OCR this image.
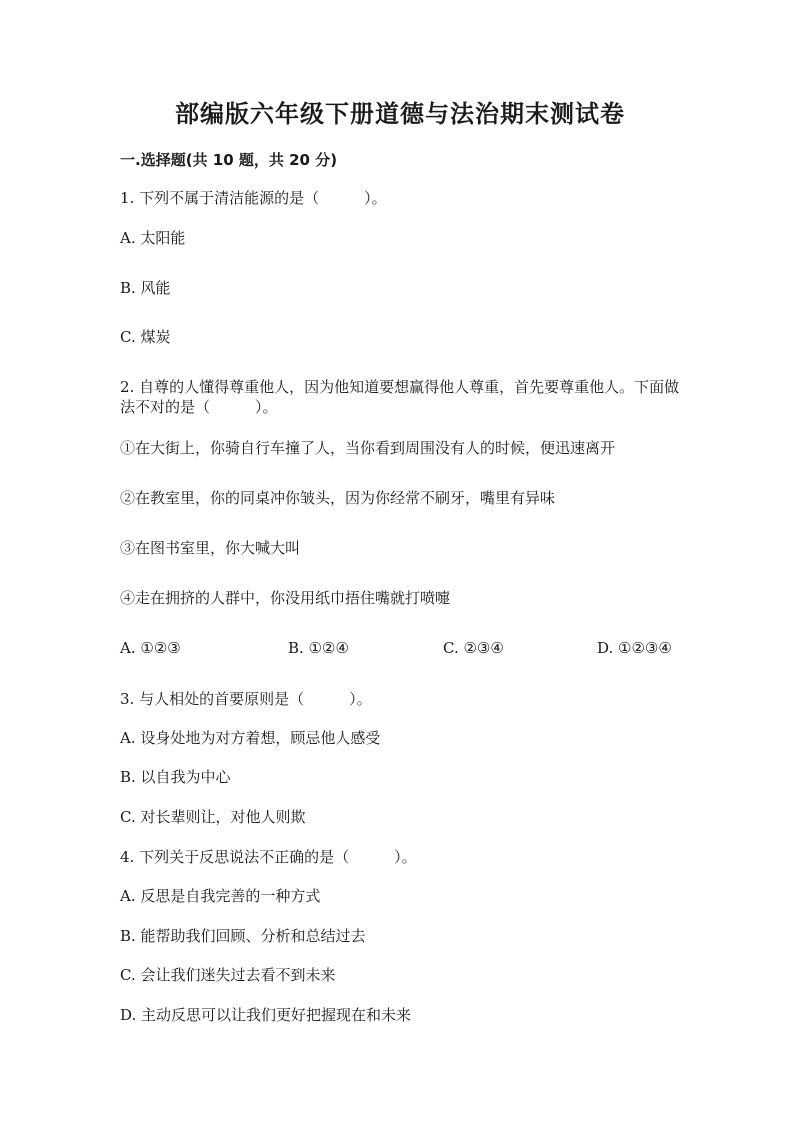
部编版六年级下册道德与法治期末测试卷
一.选择题(共 10 题，共 20 分)
1. 下列不属于清洁能源的是（　　　）。
A. 太阳能
B. 风能
C. 煤炭
2. 自尊的人懂得尊重他人，因为他知道要想赢得他人尊重，首先要尊重他人。下面做法不对的是（　　　）。
①在大街上，你骑自行车撞了人，当你看到周围没有人的时候，便迅速离开
②在教室里，你的同桌冲你皱头，因为你经常不刷牙，嘴里有异味
③在图书室里，你大喊大叫
④走在拥挤的人群中，你没用纸巾捂住嘴就打喷嚏
A. ①②③	B. ①②④	C. ②③④	D. ①②③④
3. 与人相处的首要原则是（　　　）。
A. 设身处地为对方着想，顾忌他人感受
B. 以自我为中心
C. 对长辈则让，对他人则欺
4. 下列关于反思说法不正确的是（　　　）。
A. 反思是自我完善的一种方式
B. 能帮助我们回顾、分析和总结过去
C. 会让我们迷失过去看不到未来
D. 主动反思可以让我们更好把握现在和未来
